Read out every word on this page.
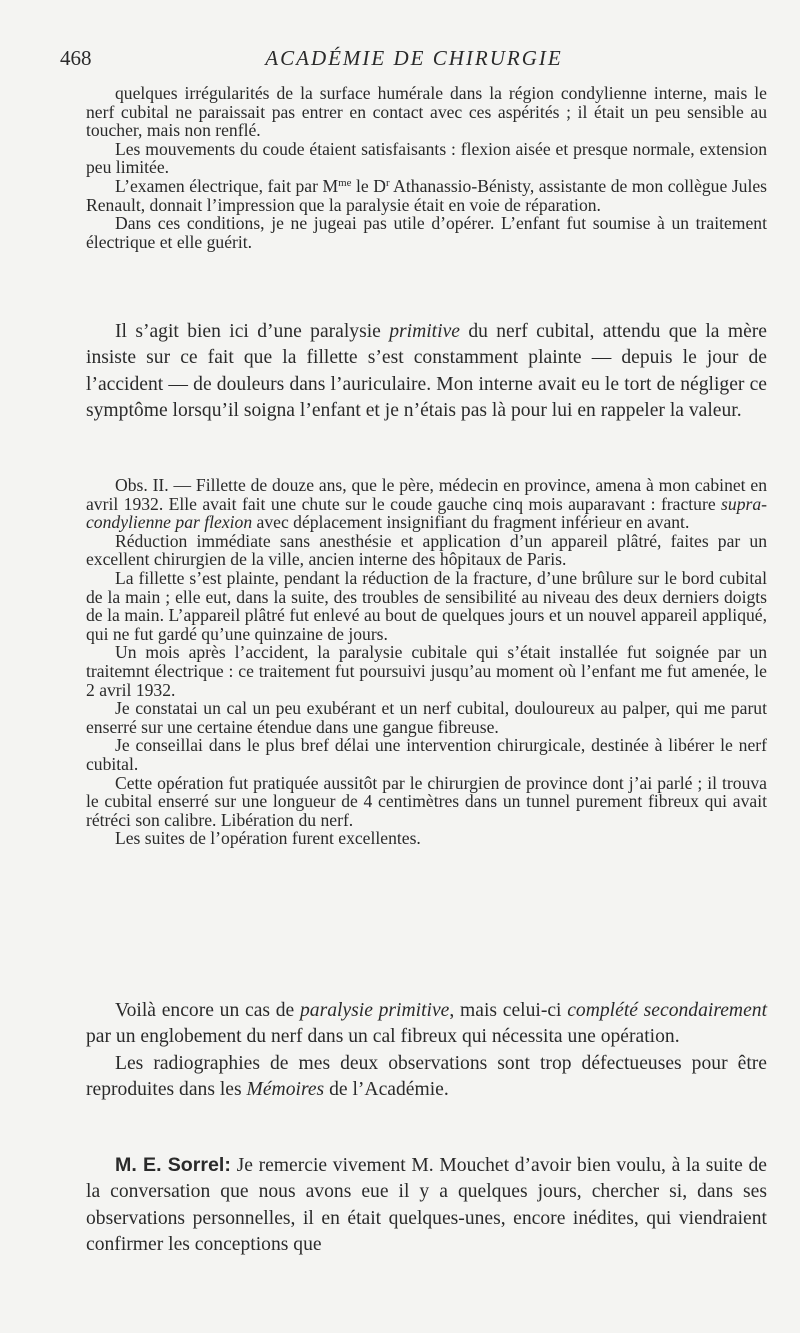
468	ACADÉMIE DE CHIRURGIE

quelques irrégularités de la surface humérale dans la région condylienne interne, mais le nerf cubital ne paraissait pas entrer en contact avec ces aspérités ; il était un peu sensible au toucher, mais non renflé.

Les mouvements du coude étaient satisfaisants : flexion aisée et presque normale, extension peu limitée.

L’examen électrique, fait par $M^{me}$ le $D^r$ Athanassio-Bénisty, assistante de mon collègue Jules Renault, donnait l’impression que la paralysie était en voie de réparation.

Dans ces conditions, je ne jugeai pas utile d’opérer. L’enfant fut soumise à un traitement électrique et elle guérit.

Il s’agit bien ici d’une paralysie primitive du nerf cubital, attendu que la mère insiste sur ce fait que la fillette s’est constamment plainte — depuis le jour de l’accident — de douleurs dans l’auriculaire. Mon interne avait eu le tort de négliger ce symptôme lorsqu’il soigna l’enfant et je n’étais pas là pour lui en rappeler la valeur.

Obs. II. — Fillette de douze ans, que le père, médecin en province, amena à mon cabinet en avril 1932. Elle avait fait une chute sur le coude gauche cinq mois auparavant : fracture supra-condylienne par flexion avec déplacement insignifiant du fragment inférieur en avant.

Réduction immédiate sans anesthésie et application d’un appareil plâtré, faites par un excellent chirurgien de la ville, ancien interne des hôpitaux de Paris.

La fillette s’est plainte, pendant la réduction de la fracture, d’une brûlure sur le bord cubital de la main ; elle eut, dans la suite, des troubles de sensibilité au niveau des deux derniers doigts de la main. L’appareil plâtré fut enlevé au bout de quelques jours et un nouvel appareil appliqué, qui ne fut gardé qu’une quinzaine de jours.

Un mois après l’accident, la paralysie cubitale qui s’était installée fut soignée par un traitemnt électrique : ce traitement fut poursuivi jusqu’au moment où l’enfant me fut amenée, le 2 avril 1932.

Je constatai un cal un peu exubérant et un nerf cubital, douloureux au palper, qui me parut enserré sur une certaine étendue dans une gangue fibreuse.

Je conseillai dans le plus bref délai une intervention chirurgicale, destinée à libérer le nerf cubital.

Cette opération fut pratiquée aussitôt par le chirurgien de province dont j’ai parlé ; il trouva le cubital enserré sur une longueur de 4 centimètres dans un tunnel purement fibreux qui avait rétréci son calibre. Libération du nerf.

Les suites de l’opération furent excellentes.

Voilà encore un cas de paralysie primitive, mais celui-ci complété secondairement par un englobement du nerf dans un cal fibreux qui nécessita une opération.

Les radiographies de mes deux observations sont trop défectueuses pour être reproduites dans les Mémoires de l’Académie.

M. E. Sorrel: Je remercie vivement M. Mouchet d’avoir bien voulu, à la suite de la conversation que nous avons eue il y a quelques jours, chercher si, dans ses observations personnelles, il en était quelques-unes, encore inédites, qui viendraient confirmer les conceptions que
